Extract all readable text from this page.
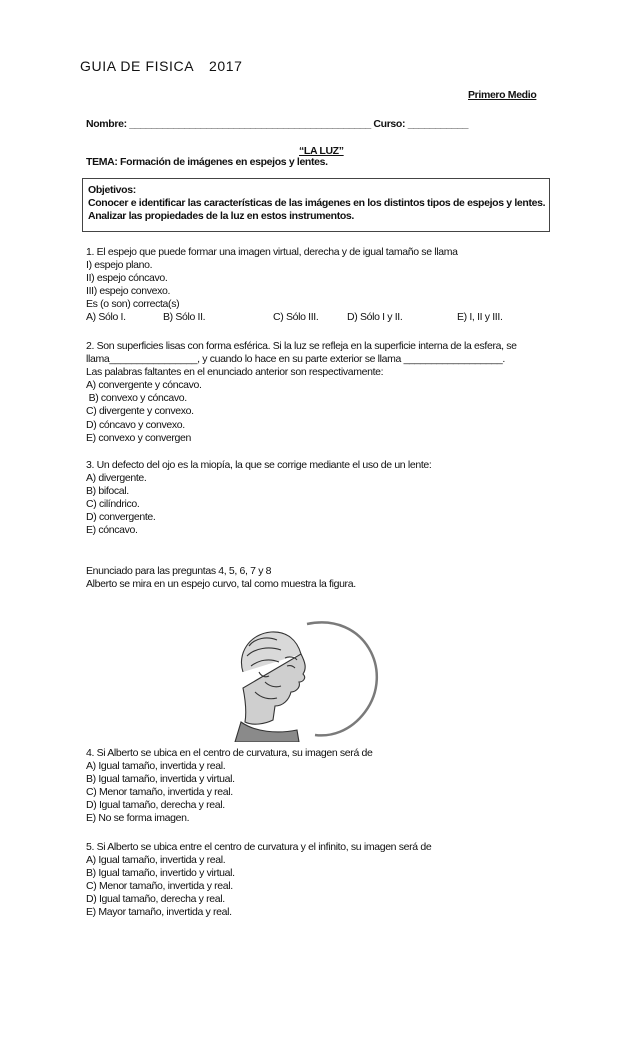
GUIA DE FISICA 2017
Primero Medio
Nombre: ____________________________________________ Curso: ___________
“LA LUZ”
TEMA: Formación de imágenes en espejos y lentes.
Objetivos:
Conocer e identificar las características de las imágenes en los distintos tipos de espejos y lentes.
Analizar las propiedades de la luz en estos instrumentos.
1. El espejo que puede formar una imagen virtual, derecha y de igual tamaño se llama
I) espejo plano.
II) espejo cóncavo.
III) espejo convexo.
Es (o son) correcta(s)
A) Sólo I.	B) Sólo II.	C) Sólo III.	D) Sólo I y II.	E) I, II y III.
2. Son superficies lisas con forma esférica. Si la luz se refleja en la superficie interna de la esfera, se
llama________________, y cuando lo hace en su parte exterior se llama __________________.
Las palabras faltantes en el enunciado anterior son respectivamente:
A) convergente y cóncavo.
B) convexo y cóncavo.
C) divergente y convexo.
D) cóncavo y convexo.
E) convexo y convergen
3. Un defecto del ojo es la miopía, la que se corrige mediante el uso de un lente:
A) divergente.
B) bifocal.
C) cilíndrico.
D) convergente.
E) cóncavo.
Enunciado para las preguntas 4, 5, 6, 7 y 8
Alberto se mira en un espejo curvo, tal como muestra la figura.
4. Si Alberto se ubica en el centro de curvatura, su imagen será de
A) Igual tamaño, invertida y real.
B) Igual tamaño, invertida y virtual.
C) Menor tamaño, invertida y real.
D) Igual tamaño, derecha y real.
E) No se forma imagen.
5. Si Alberto se ubica entre el centro de curvatura y el infinito, su imagen será de
A) Igual tamaño, invertida y real.
B) Igual tamaño, invertido y virtual.
C) Menor tamaño, invertida y real.
D) Igual tamaño, derecha y real.
E) Mayor tamaño, invertida y real.
